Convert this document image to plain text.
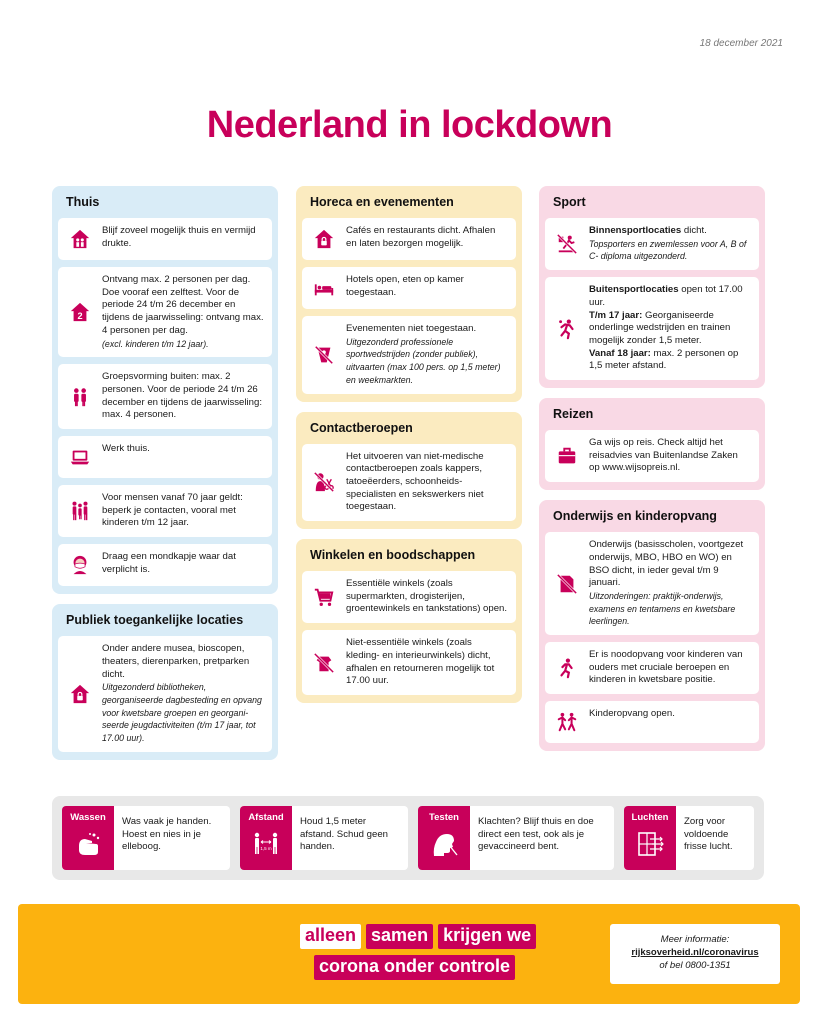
18 december 2021
Nederland in lockdown
Thuis
Blijf zoveel mogelijk thuis en vermijd drukte.
2
Ontvang max. 2 personen per dag. Doe vooraf een zelftest. Voor de periode 24 t/m 26 december en tijdens de jaarwisseling: ontvang max. 4 personen per dag.
(excl. kinderen t/m 12 jaar).
Groepsvorming buiten: max. 2 personen. Voor de periode 24 t/m 26 december en tijdens de jaarwisseling: max. 4 personen.
Werk thuis.
Voor mensen vanaf 70 jaar geldt: beperk je contacten, vooral met kinderen t/m 12 jaar.
Draag een mondkapje waar dat verplicht is.
Publiek toegankelijke locaties
Onder andere musea, bioscopen, theaters, dierenparken, pretparken dicht.
Uitgezonderd bibliotheken, georganiseerde dagbesteding en opvang voor kwetsbare groepen en georgani-seerde jeugdactiviteiten (t/m 17 jaar, tot 17.00 uur).
Horeca en evenementen
Cafés en restaurants dicht. Afhalen en laten bezorgen mogelijk.
Hotels open, eten op kamer toegestaan.
Evenementen niet toegestaan.
Uitgezonderd professionele sportwedstrijden (zonder publiek), uitvaarten (max 100 pers. op 1,5 meter) en weekmarkten.
Contactberoepen
Het uitvoeren van niet-medische contactberoepen zoals kappers, tatoeëerders, schoonheids-specialisten en sekswerkers niet toegestaan.
Winkelen en boodschappen
Essentiële winkels (zoals supermarkten, drogisterijen, groentewinkels en tankstations) open.
Niet-essentiële winkels (zoals kleding- en interieurwinkels) dicht, afhalen en retourneren mogelijk tot 17.00 uur.
Sport
Binnensportlocaties dicht.
Topsporters en zwemlessen voor A, B of C- diploma uitgezonderd.
Buitensportlocaties open tot 17.00 uur.
T/m 17 jaar: Georganiseerde onderlinge wedstrijden en trainen mogelijk zonder 1,5 meter.
Vanaf 18 jaar: max. 2 personen op 1,5 meter afstand.
Reizen
Ga wijs op reis. Check altijd het reisadvies van Buitenlandse Zaken op www.wijsopreis.nl.
Onderwijs en kinderopvang
Onderwijs (basisscholen, voortgezet onderwijs, MBO, HBO en WO) en BSO dicht, in ieder geval t/m 9 januari.
Uitzonderingen: praktijk-onderwijs, examens en tentamens en kwetsbare leerlingen.
Er is noodopvang voor kinderen van ouders met cruciale beroepen en kinderen in kwetsbare positie.
Kinderopvang open.
Wassen	Was vaak je handen. Hoest en nies in je elleboog.
Afstand
1,5 m
Houd 1,5 meter afstand. Schud geen handen.
Testen	Klachten? Blijf thuis en doe direct een test, ook als je gevaccineerd bent.
Luchten	Zorg voor voldoende frisse lucht.
alleen samen krijgen we
corona onder controle
Meer informatie:
rijksoverheid.nl/coronavirus
of bel 0800-1351
